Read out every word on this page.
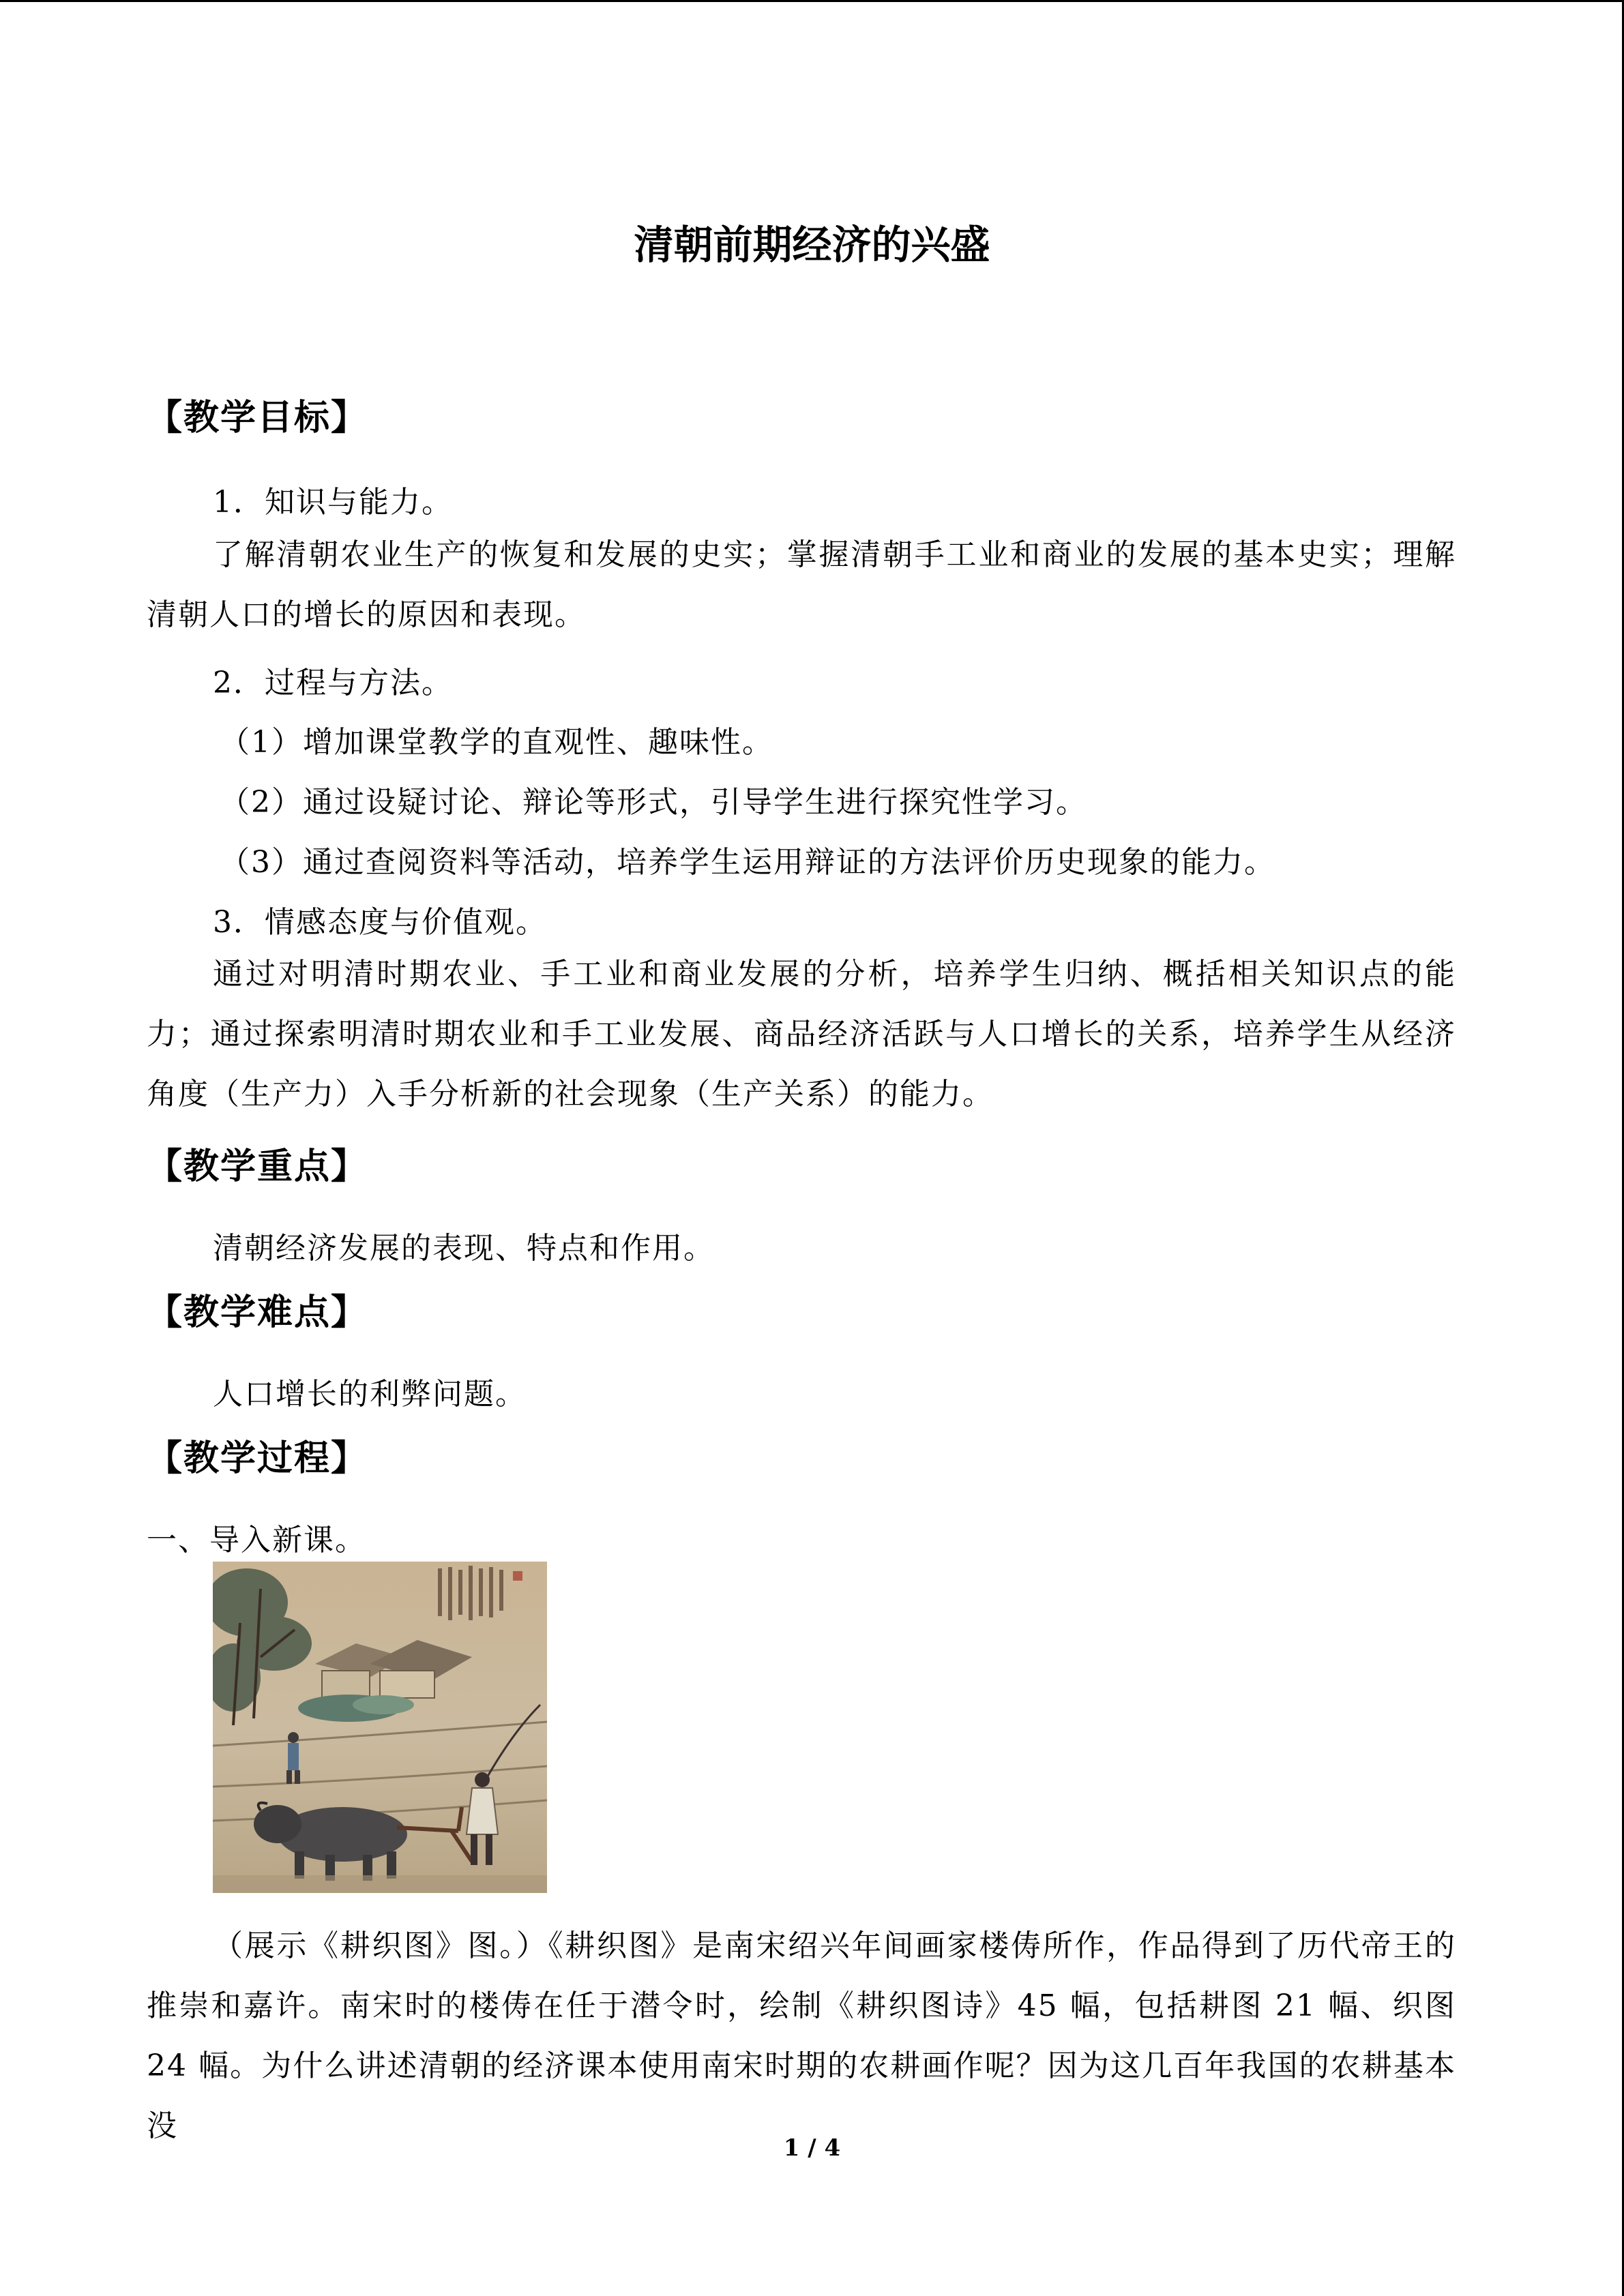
清朝前期经济的兴盛
【教学目标】
1．知识与能力。
了解清朝农业生产的恢复和发展的史实；掌握清朝手工业和商业的发展的基本史实；理解清朝人口的增长的原因和表现。
2．过程与方法。
（1）增加课堂教学的直观性、趣味性。
（2）通过设疑讨论、辩论等形式，引导学生进行探究性学习。
（3）通过查阅资料等活动，培养学生运用辩证的方法评价历史现象的能力。
3．情感态度与价值观。
通过对明清时期农业、手工业和商业发展的分析，培养学生归纳、概括相关知识点的能力；通过探索明清时期农业和手工业发展、商品经济活跃与人口增长的关系，培养学生从经济角度（生产力）入手分析新的社会现象（生产关系）的能力。
【教学重点】
清朝经济发展的表现、特点和作用。
【教学难点】
人口增长的利弊问题。
【教学过程】
一、导入新课。
（展示《耕织图》图。）《耕织图》是南宋绍兴年间画家楼俦所作，作品得到了历代帝王的推崇和嘉许。南宋时的楼俦在任于潜令时，绘制《耕织图诗》45 幅，包括耕图 21 幅、织图 24 幅。为什么讲述清朝的经济课本使用南宋时期的农耕画作呢？因为这几百年我国的农耕基本没
1 / 4
